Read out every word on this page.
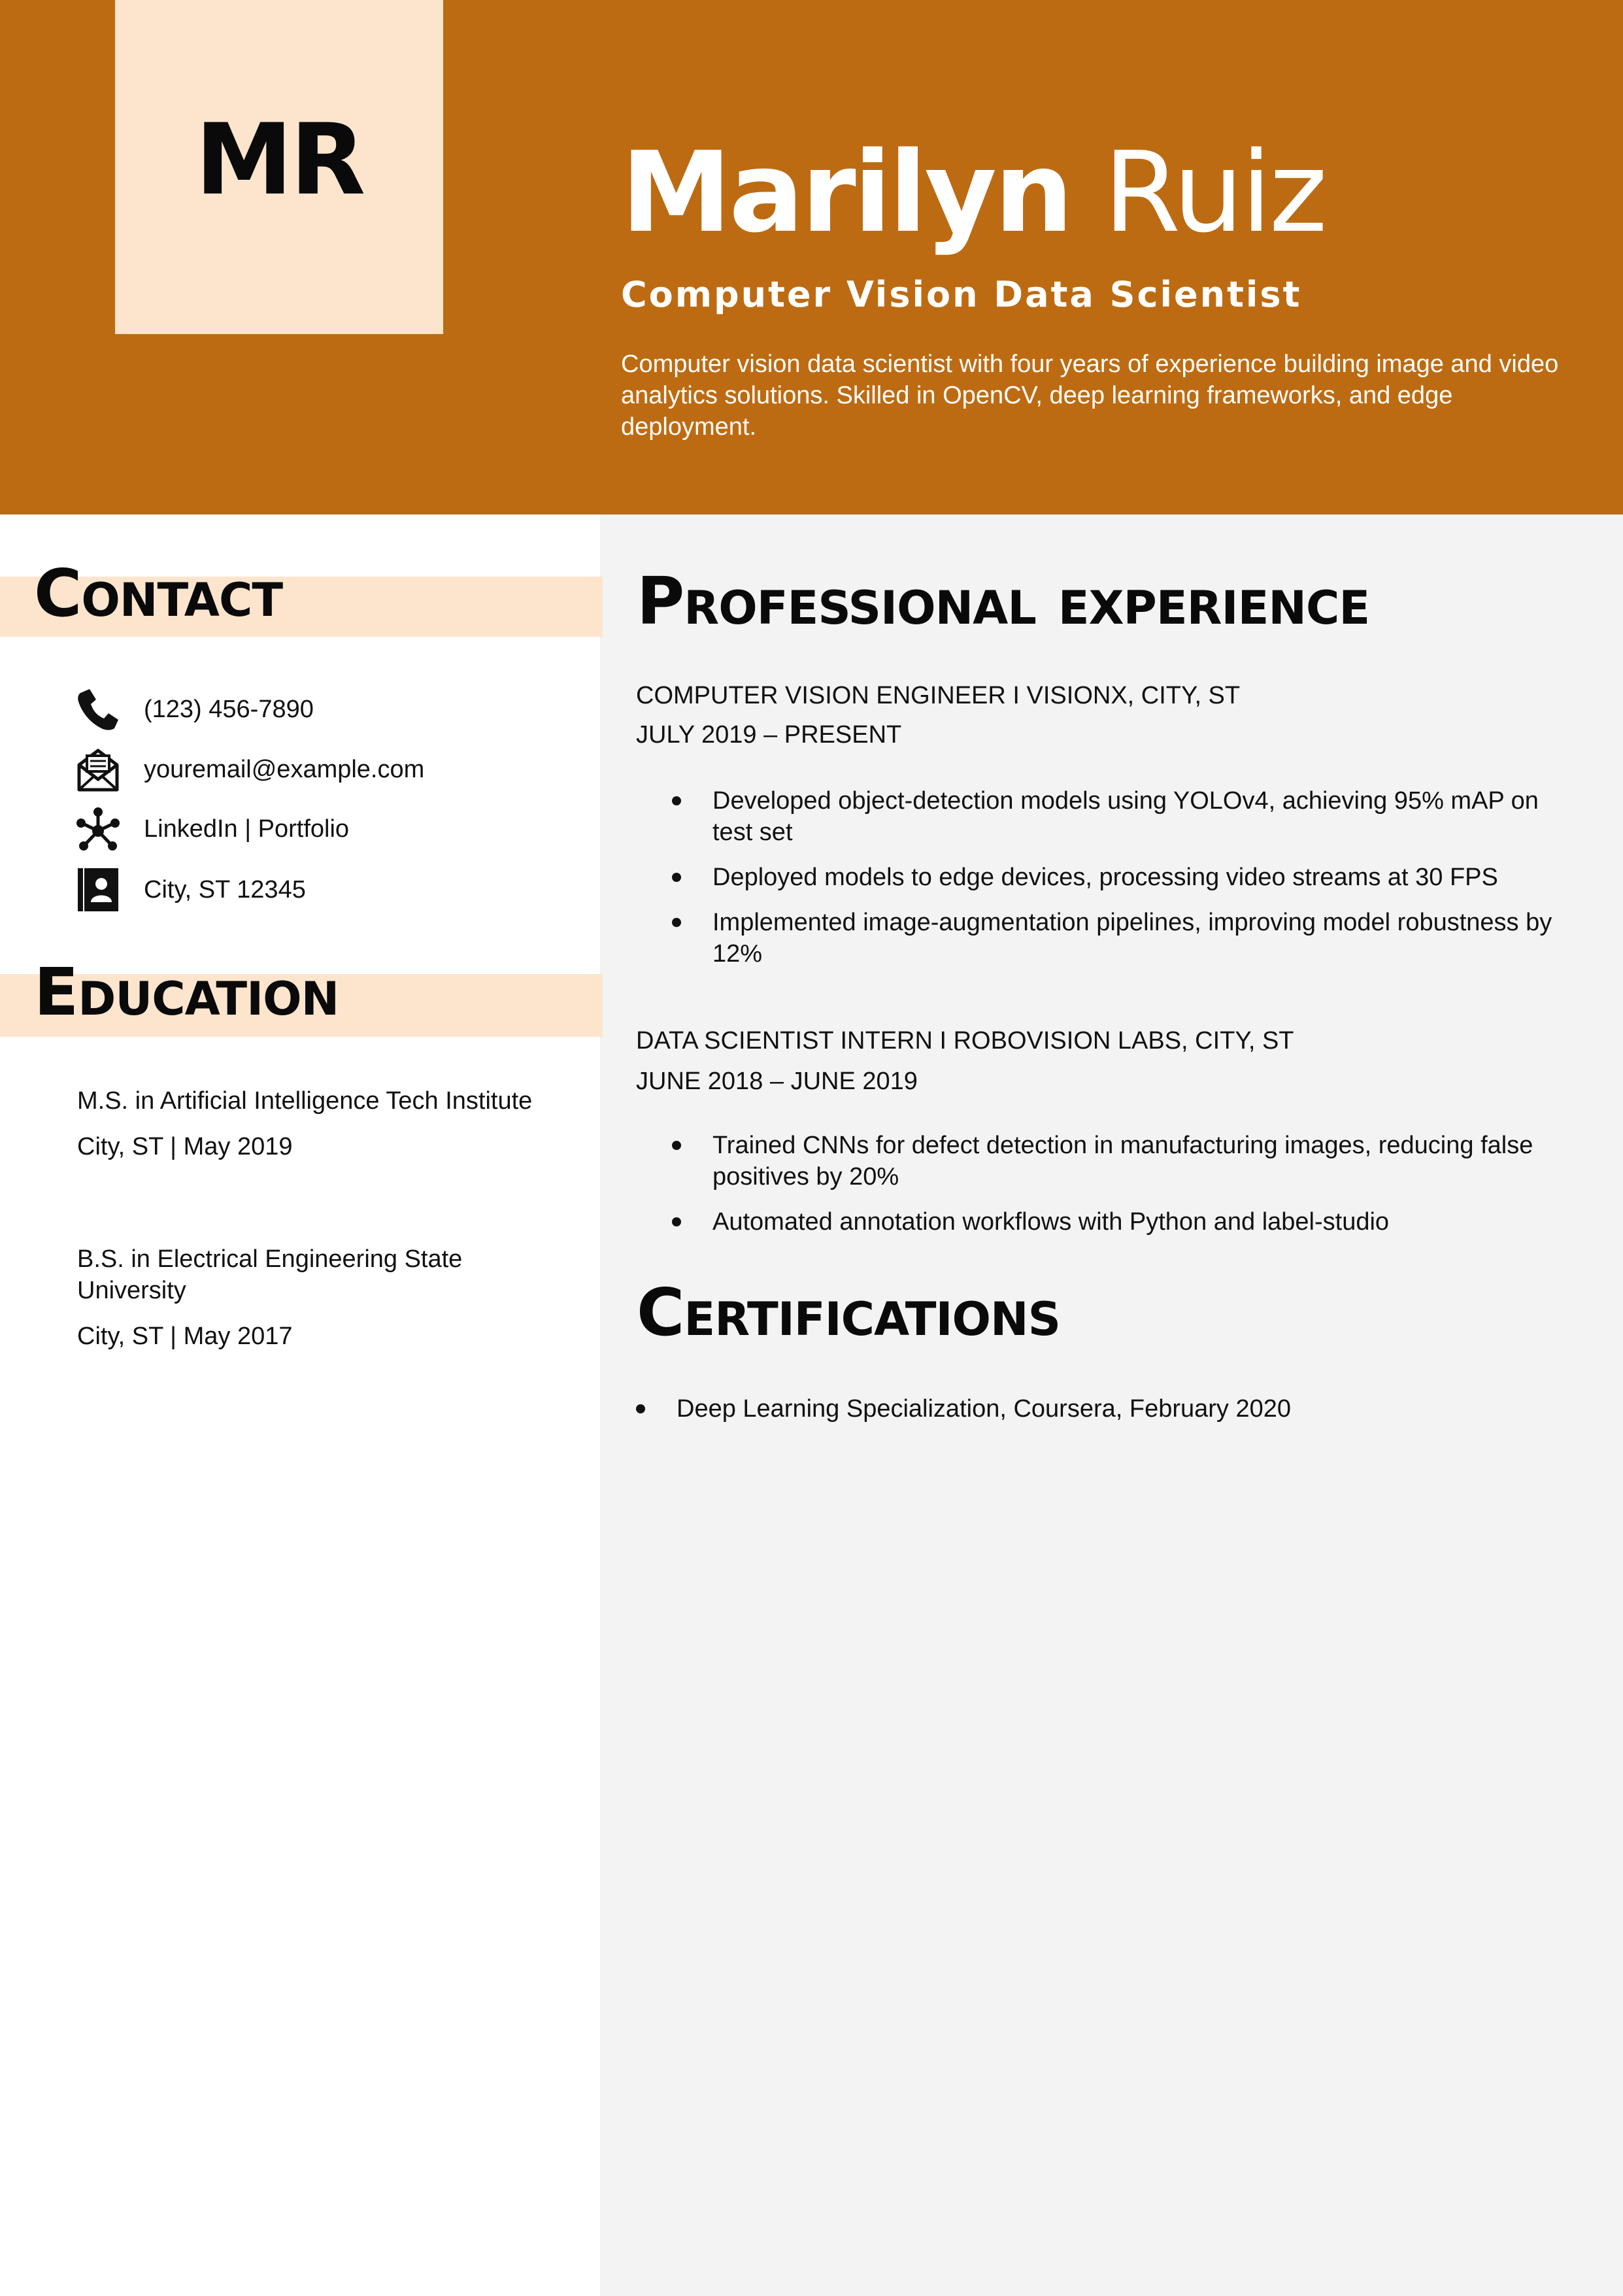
MR	Marilyn Ruiz
Computer Vision Data Scientist
Computer vision data scientist with four years of experience building image and video analytics solutions. Skilled in OpenCV, deep learning frameworks, and edge deployment.
Contact
(123) 456-7890
youremail@example.com
LinkedIn | Portfolio
City, ST 12345
Education

M.S. in Artificial Intelligence Tech Institute

City, ST | May 2019

B.S. in Electrical Engineering State University

City, ST | May 2017

Professional experience
COMPUTER VISION ENGINEER I VISIONX, CITY, ST
JULY 2019 – PRESENT
Developed object-detection models using YOLOv4, achieving 95% mAP on test set
Deployed models to edge devices, processing video streams at 30 FPS
Implemented image-augmentation pipelines, improving model robustness by 12%
DATA SCIENTIST INTERN I ROBOVISION LABS, CITY, ST
JUNE 2018 – JUNE 2019
Trained CNNs for defect detection in manufacturing images, reducing false positives by 20%
Automated annotation workflows with Python and label-studio
Certifications
Deep Learning Specialization, Coursera, February 2020
